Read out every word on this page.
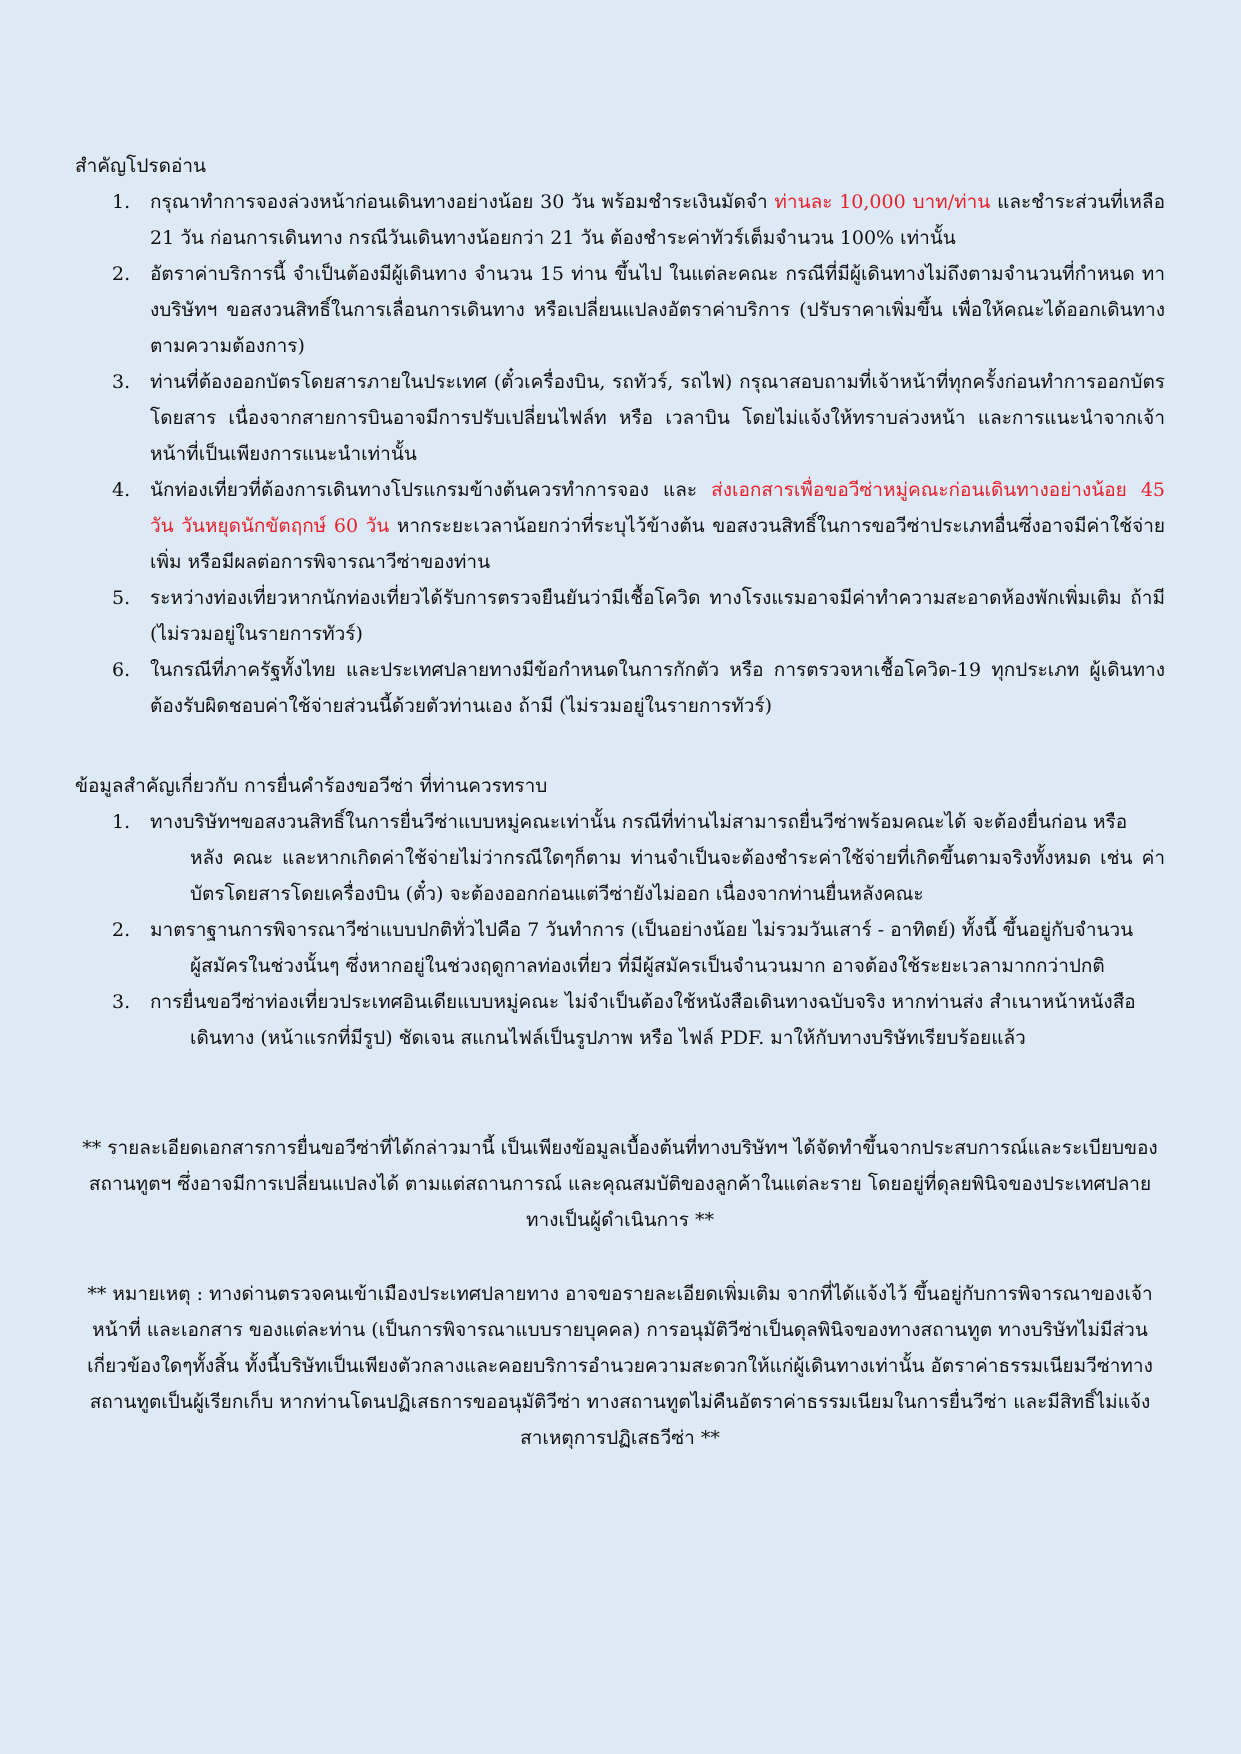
สำคัญโปรดอ่าน
1. กรุณาทำการจองล่วงหน้าก่อนเดินทางอย่างน้อย 30 วัน พร้อมชำระเงินมัดจำ ท่านละ 10,000 บาท/ท่าน และชำระส่วนที่เหลือ 21 วัน ก่อนการเดินทาง กรณีวันเดินทางน้อยกว่า 21 วัน ต้องชำระค่าทัวร์เต็มจำนวน 100% เท่านั้น
2. อัตราค่าบริการนี้ จำเป็นต้องมีผู้เดินทาง จำนวน 15 ท่าน ขึ้นไป ในแต่ละคณะ กรณีที่มีผู้เดินทางไม่ถึงตามจำนวนที่กำหนด ทางบริษัทฯ ขอสงวนสิทธิ์ในการเลื่อนการเดินทาง หรือเปลี่ยนแปลงอัตราค่าบริการ (ปรับราคาเพิ่มขึ้น เพื่อให้คณะได้ออกเดินทางตามความต้องการ)
3. ท่านที่ต้องออกบัตรโดยสารภายในประเทศ (ตั๋วเครื่องบิน, รถทัวร์, รถไฟ) กรุณาสอบถามที่เจ้าหน้าที่ทุกครั้งก่อนทำการออกบัตรโดยสาร เนื่องจากสายการบินอาจมีการปรับเปลี่ยนไฟล์ท หรือ เวลาบิน โดยไม่แจ้งให้ทราบล่วงหน้า และการแนะนำจากเจ้าหน้าที่เป็นเพียงการแนะนำเท่านั้น
4. นักท่องเที่ยวที่ต้องการเดินทางโปรแกรมข้างต้นควรทำการจอง และ ส่งเอกสารเพื่อขอวีซ่าหมู่คณะก่อนเดินทางอย่างน้อย 45 วัน วันหยุดนักขัตฤกษ์ 60 วัน หากระยะเวลาน้อยกว่าที่ระบุไว้ข้างต้น ขอสงวนสิทธิ์ในการขอวีซ่าประเภทอื่นซึ่งอาจมีค่าใช้จ่ายเพิ่ม หรือมีผลต่อการพิจารณาวีซ่าของท่าน
5. ระหว่างท่องเที่ยวหากนักท่องเที่ยวได้รับการตรวจยืนยันว่ามีเชื้อโควิด ทางโรงแรมอาจมีค่าทำความสะอาดห้องพักเพิ่มเติม ถ้ามี (ไม่รวมอยู่ในรายการทัวร์)
6. ในกรณีที่ภาครัฐทั้งไทย และประเทศปลายทางมีข้อกำหนดในการกักตัว หรือ การตรวจหาเชื้อโควิด-19 ทุกประเภท ผู้เดินทางต้องรับผิดชอบค่าใช้จ่ายส่วนนี้ด้วยตัวท่านเอง ถ้ามี (ไม่รวมอยู่ในรายการทัวร์)
ข้อมูลสำคัญเกี่ยวกับ การยื่นคำร้องขอวีซ่า ที่ท่านควรทราบ
1. ทางบริษัทฯขอสงวนสิทธิ์ในการยื่นวีซ่าแบบหมู่คณะเท่านั้น กรณีที่ท่านไม่สามารถยื่นวีซ่าพร้อมคณะได้ จะต้องยื่นก่อน หรือ
หลัง คณะ และหากเกิดค่าใช้จ่ายไม่ว่ากรณีใดๆก็ตาม ท่านจำเป็นจะต้องชำระค่าใช้จ่ายที่เกิดขึ้นตามจริงทั้งหมด เช่น ค่าบัตรโดยสารโดยเครื่องบิน (ตั๋ว) จะต้องออกก่อนแต่วีซ่ายังไม่ออก เนื่องจากท่านยื่นหลังคณะ
2. มาตราฐานการพิจารณาวีซ่าแบบปกติทั่วไปคือ 7 วันทำการ (เป็นอย่างน้อย ไม่รวมวันเสาร์ - อาทิตย์) ทั้งนี้ ขึ้นอยู่กับจำนวน
ผู้สมัครในช่วงนั้นๆ ซึ่งหากอยู่ในช่วงฤดูกาลท่องเที่ยว ที่มีผู้สมัครเป็นจำนวนมาก อาจต้องใช้ระยะเวลามากกว่าปกติ
3. การยื่นขอวีซ่าท่องเที่ยวประเทศอินเดียแบบหมู่คณะ ไม่จำเป็นต้องใช้หนังสือเดินทางฉบับจริง หากท่านส่ง สำเนาหน้าหนังสือ
เดินทาง (หน้าแรกที่มีรูป) ชัดเจน สแกนไฟล์เป็นรูปภาพ หรือ ไฟล์ PDF. มาให้กับทางบริษัทเรียบร้อยแล้ว

** รายละเอียดเอกสารการยื่นขอวีซ่าที่ได้กล่าวมานี้ เป็นเพียงข้อมูลเบื้องต้นที่ทางบริษัทฯ ได้จัดทำขึ้นจากประสบการณ์และระเบียบของสถานทูตฯ ซึ่งอาจมีการเปลี่ยนแปลงได้ ตามแต่สถานการณ์ และคุณสมบัติของลูกค้าในแต่ละราย โดยอยู่ที่ดุลยพินิจของประเทศปลายทางเป็นผู้ดำเนินการ **

** หมายเหตุ : ทางด่านตรวจคนเข้าเมืองประเทศปลายทาง อาจขอรายละเอียดเพิ่มเติม จากที่ได้แจ้งไว้ ขึ้นอยู่กับการพิจารณาของเจ้าหน้าที่ และเอกสาร ของแต่ละท่าน (เป็นการพิจารณาแบบรายบุคคล) การอนุมัติวีซ่าเป็นดุลพินิจของทางสถานทูต ทางบริษัทไม่มีส่วนเกี่ยวข้องใดๆทั้งสิ้น ทั้งนี้บริษัทเป็นเพียงตัวกลางและคอยบริการอำนวยความสะดวกให้แก่ผู้เดินทางเท่านั้น อัตราค่าธรรมเนียมวีซ่าทางสถานทูตเป็นผู้เรียกเก็บ หากท่านโดนปฏิเสธการขออนุมัติวีซ่า ทางสถานทูตไม่คืนอัตราค่าธรรมเนียมในการยื่นวีซ่า และมีสิทธิ์ไม่แจ้งสาเหตุการปฏิเสธวีซ่า **
